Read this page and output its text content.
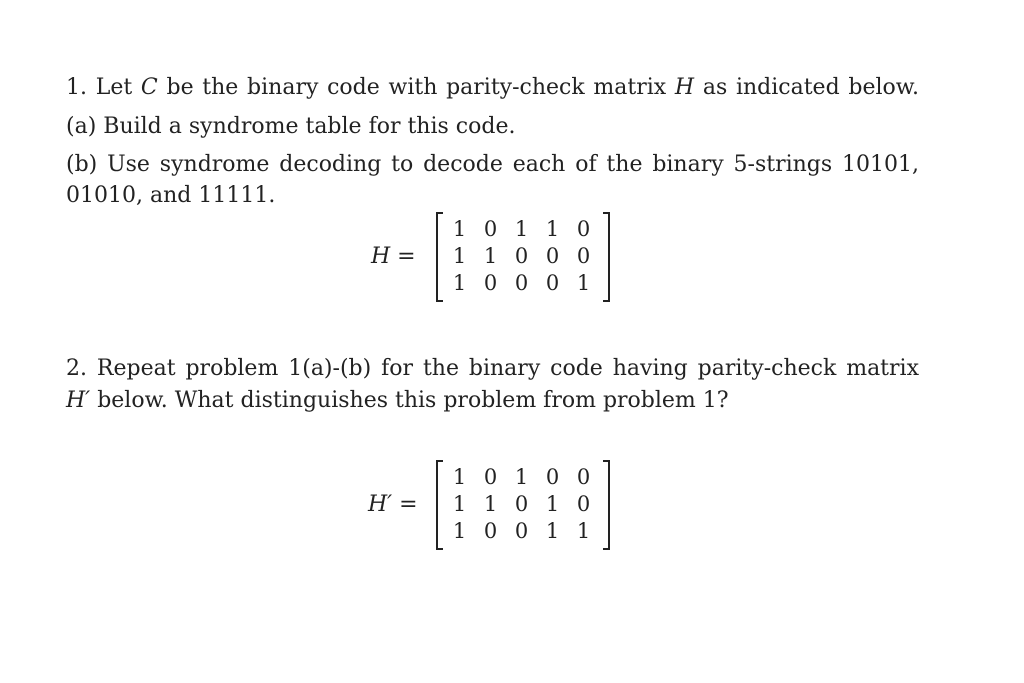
1. Let C be the binary code with parity-check matrix H as indicated below.
(a) Build a syndrome table for this code.
(b) Use syndrome decoding to decode each of the binary 5-strings 10101,
01010, and 11111.
H =
1	0	1	1	0
1	1	0	0	0
1	0	0	0	1
2. Repeat problem 1(a)-(b) for the binary code having parity-check matrix
H′ below. What distinguishes this problem from problem 1?
H′ =
1	0	1	0	0
1	1	0	1	0
1	0	0	1	1
